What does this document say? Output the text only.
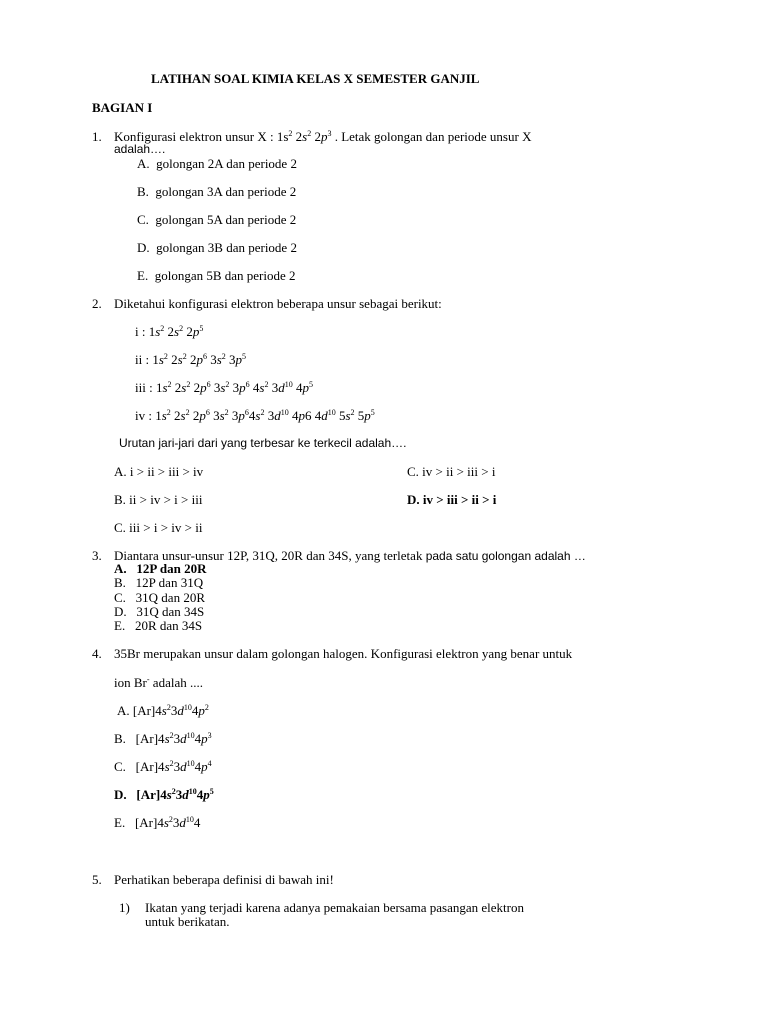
LATIHAN SOAL KIMIA KELAS X SEMESTER GANJIL
BAGIAN I
1. Konfigurasi elektron unsur X : $1s^2$ $2s^2$ $2p^3$ . Letak golongan dan periode unsur X
adalah….
A. golongan 2A dan periode 2
B. golongan 3A dan periode 2
C. golongan 5A dan periode 2
D. golongan 3B dan periode 2
E. golongan 5B dan periode 2
2. Diketahui konfigurasi elektron beberapa unsur sebagai berikut:
i : $1s^2$ $2s^2$ $2p^5$
ii : $1s^2$ $2s^2$ $2p^6$ $3s^2$ $3p^5$
iii : $1s^2$ $2s^2$ $2p^6$ $3s^2$ $3p^6$ $4s^2$ $3d^{10}$ $4p^5$
iv : $1s^2$ $2s^2$ $2p^6$ $3s^2$ $3p^64s^2$ $3d^{10}$ 4p6 $4d^{10}$ $5s^2$ $5p^5$
Urutan jari-jari dari yang terbesar ke terkecil adalah….
A. i > ii > iii > iv	C. iv > ii > iii > i
B. ii > iv > i > iii	D. iv > iii > ii > i
C. iii > i > iv > ii
3. Diantara unsur-unsur 12P, 31Q, 20R dan 34S, yang terletak pada satu golongan adalah …
A. 12P dan 20R
B. 12P dan 31Q
C. 31Q dan 20R
D. 31Q dan 34S
E. 20R dan 34S
4. 35Br merupakan unsur dalam golongan halogen. Konfigurasi elektron yang benar untuk
ion Br- adalah ....
A. $[Ar]4s^23d^{10}4p^2$
B.   $[Ar]4s^23d^{10}4p^3$
C.   $[Ar]4s^23d^{10}4p^4$
D.   $[Ar]4s^23d^{10}4p^5$
E.   $[Ar]4s^23d^{10}4$
5. Perhatikan beberapa definisi di bawah ini!
1) Ikatan yang terjadi karena adanya pemakaian bersama pasangan elektron
untuk berikatan.
